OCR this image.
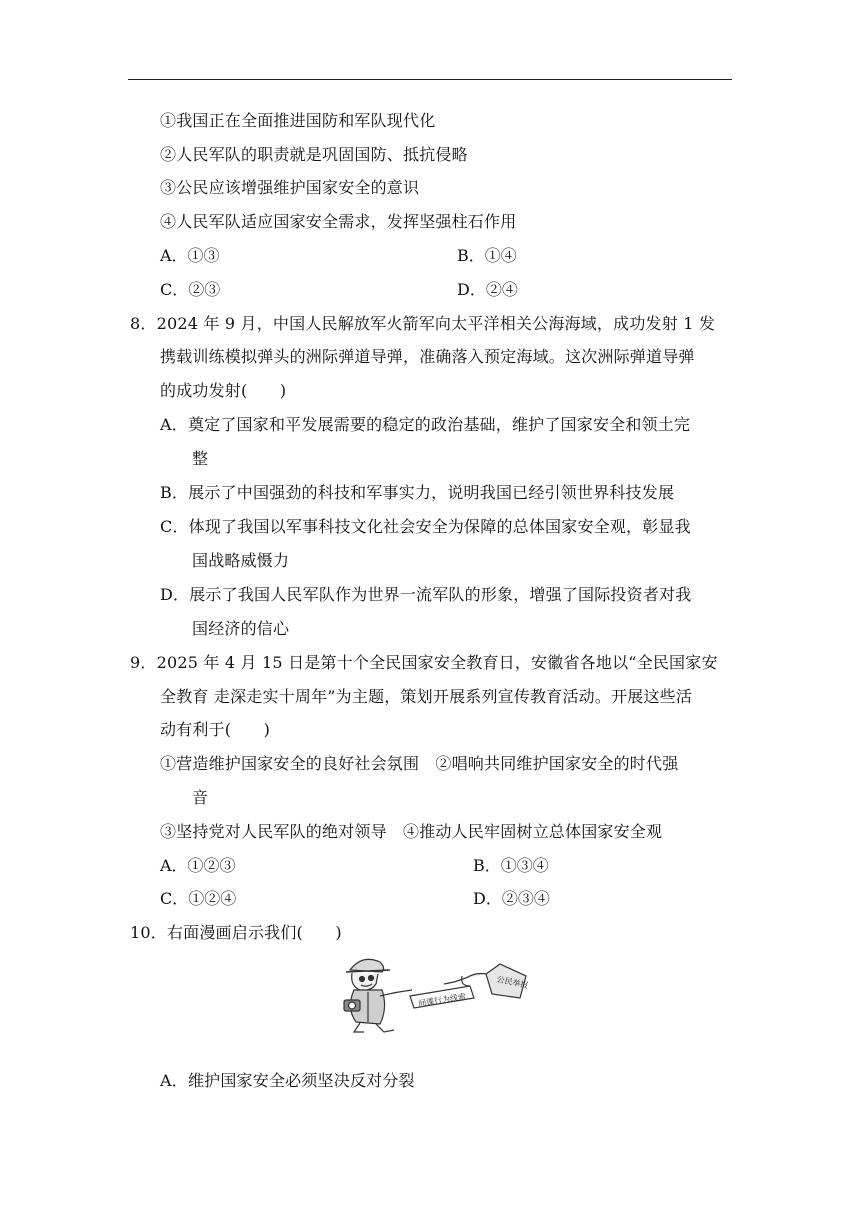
①我国正在全面推进国防和军队现代化
②人民军队的职责就是巩固国防、抵抗侵略
③公民应该增强维护国家安全的意识
④人民军队适应国家安全需求，发挥坚强柱石作用
A．①③	B．①④
C．②③	D．②④
8．2024 年 9 月，中国人民解放军火箭军向太平洋相关公海海域，成功发射 1 发
携载训练模拟弹头的洲际弹道导弹，准确落入预定海域。这次洲际弹道导弹
的成功发射(　　)
A．奠定了国家和平发展需要的稳定的政治基础，维护了国家安全和领土完
整
B．展示了中国强劲的科技和军事实力，说明我国已经引领世界科技发展
C．体现了我国以军事科技文化社会安全为保障的总体国家安全观，彰显我
国战略威慑力
D．展示了我国人民军队作为世界一流军队的形象，增强了国际投资者对我
国经济的信心
9．2025 年 4 月 15 日是第十个全民国家安全教育日，安徽省各地以“全民国家安
全教育 走深走实十周年”为主题，策划开展系列宣传教育活动。开展这些活
动有利于(　　)
①营造维护国家安全的良好社会氛围　②唱响共同维护国家安全的时代强
音
③坚持党对人民军队的绝对领导　④推动人民牢固树立总体国家安全观
A．①②③	B．①③④
C．①②④	D．②③④
10．右面漫画启示我们(　　)
间谍行为线索
公民举报
A．维护国家安全必须坚决反对分裂
